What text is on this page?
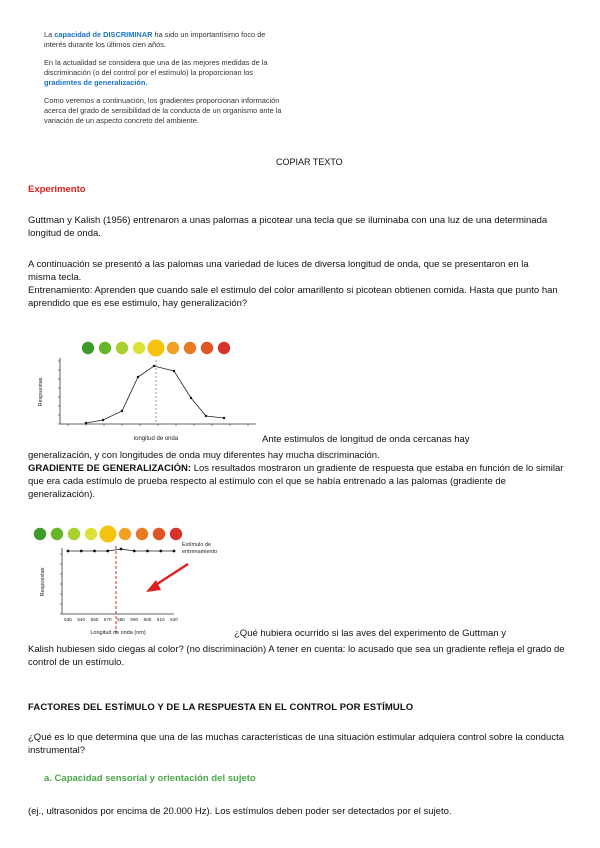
La capacidad de DISCRIMINAR ha sido un importantísimo foco de interés durante los últimos cien años.

En la actualidad se considera que una de las mejores medidas de la discriminación (o del control por el estímulo) la proporcionan los gradientes de generalización.

Como veremos a continuación, los gradientes proporcionan información acerca del grado de sensibilidad de la conducta de un organismo ante la variación de un aspecto concreto del ambiente.

COPIAR TEXTO
Experimento

Guttman y Kalish (1956) entrenaron a unas palomas a picotear una tecla que se iluminaba con una luz de una determinada longitud de onda.

A continuación se presentó a las palomas una variedad de luces de diversa longitud de onda, que se presentaron en la misma tecla.

Entrenamiento: Aprenden que cuando sale el estimulo del color amarillento si picotean obtienen comida. Hasta que punto han aprendido que es ese estimulo, hay generalización?

Respuestas
longitud de onda	Ante estimulos de longitud de onda cercanas hay

generalización, y con longitudes de onda muy diferentes hay mucha discriminación.

GRADIENTE DE GENERALIZACIÓN: Los resultados mostraron un gradiente de respuesta que estaba en función de lo similar que era cada estímulo de prueba respecto al estímulo con el que se había entrenado a las palomas (gradiente de generalización).

530 540 550 570 580 590 600 610 620
Respuestas
Longitud de onda (nm)
Estímulo de entrenamiento
¿Qué hubiera ocurrido si las aves del experimento de Guttman y

Kalish hubiesen sido ciegas al color? (no discriminación) A tener en cuenta: lo acusado que sea un gradiente refleja el grado de control de un estímulo.

FACTORES DEL ESTÍMULO Y DE LA RESPUESTA EN EL CONTROL POR ESTÍMULO

¿Qué es lo que determina que una de las muchas características de una situación estimular adquiera control sobre la conducta instrumental?

a. Capacidad sensorial y orientación del sujeto

(ej., ultrasonidos por encima de 20.000 Hz). Los estímulos deben poder ser detectados por el sujeto.
